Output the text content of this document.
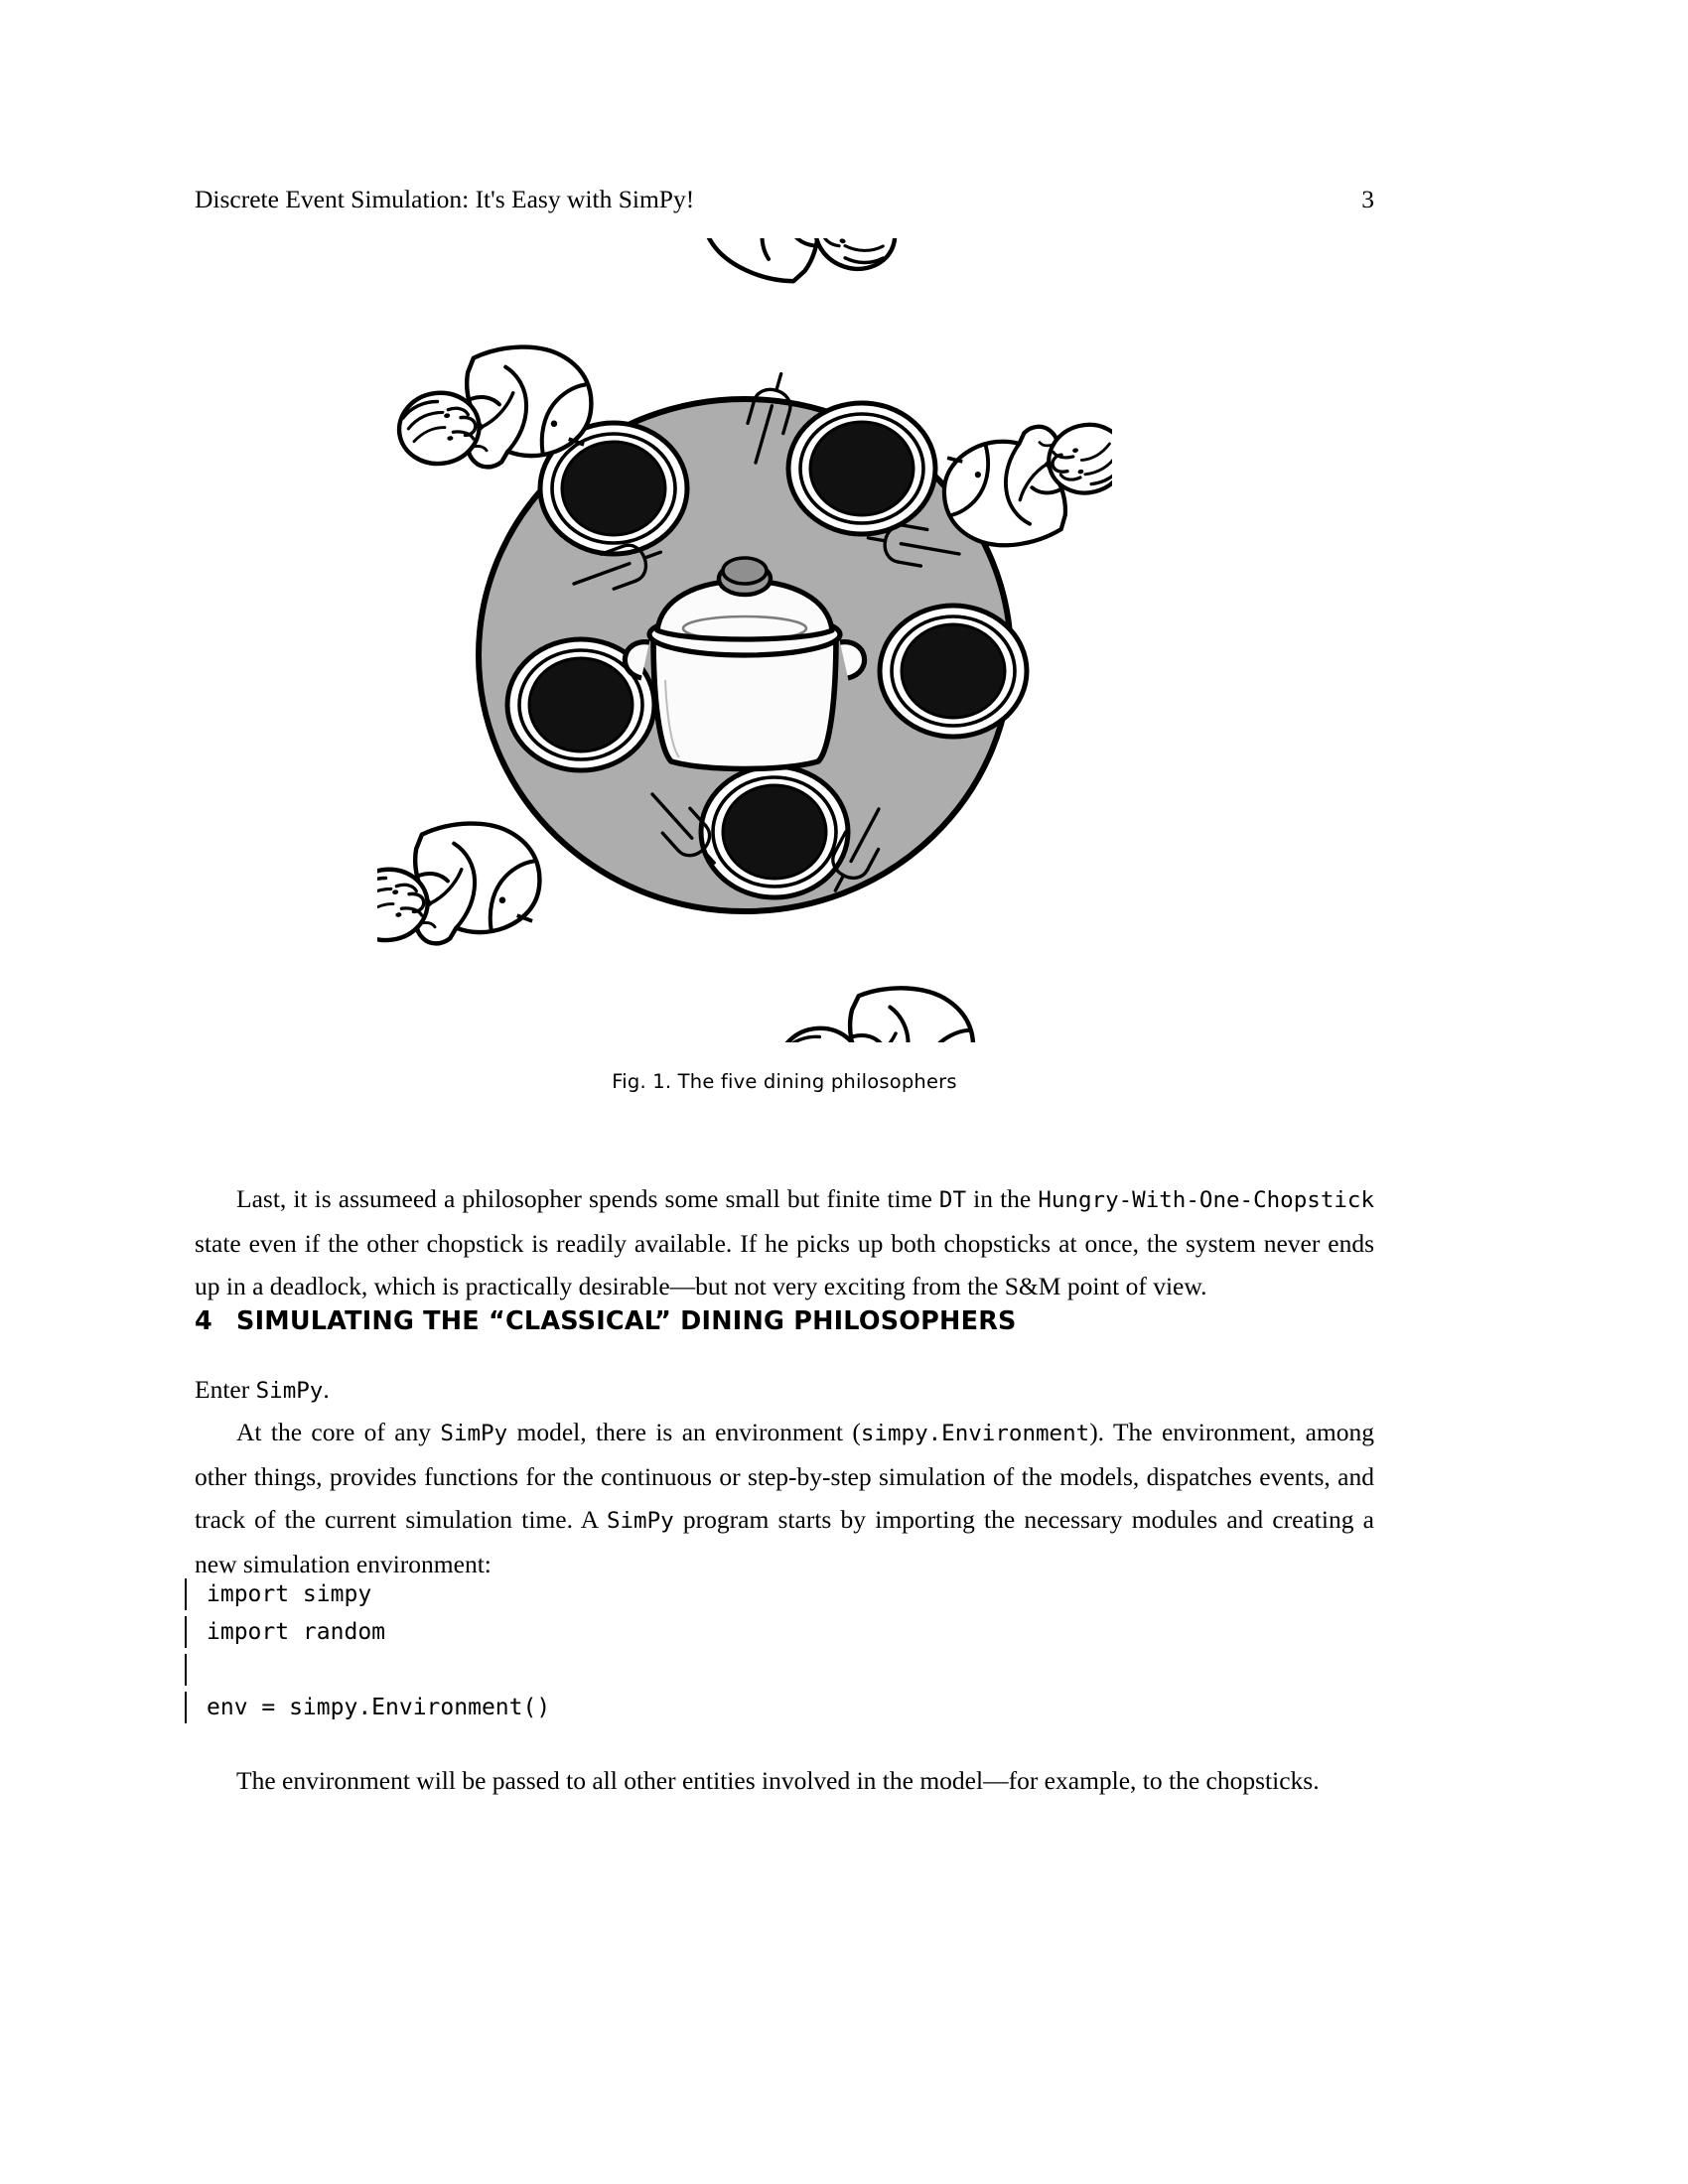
Discrete Event Simulation: It's Easy with SimPy!	3
Fig. 1. The five dining philosophers
Last, it is assumeed a philosopher spends some small but finite time DT in the Hungry-With-One-Chopstick state even if the other chopstick is readily available. If he picks up both chopsticks at once, the system never ends up in a deadlock, which is practically desirable—but not very exciting from the S&M point of view.
4 SIMULATING THE “CLASSICAL” DINING PHILOSOPHERS
Enter SimPy.
At the core of any SimPy model, there is an environment (simpy.Environment). The environment, among other things, provides functions for the continuous or step-by-step simulation of the models, dispatches events, and track of the current simulation time. A SimPy program starts by importing the necessary modules and creating a new simulation environment:
import simpy
import random
env = simpy.Environment()
The environment will be passed to all other entities involved in the model—for example, to the chopsticks.
